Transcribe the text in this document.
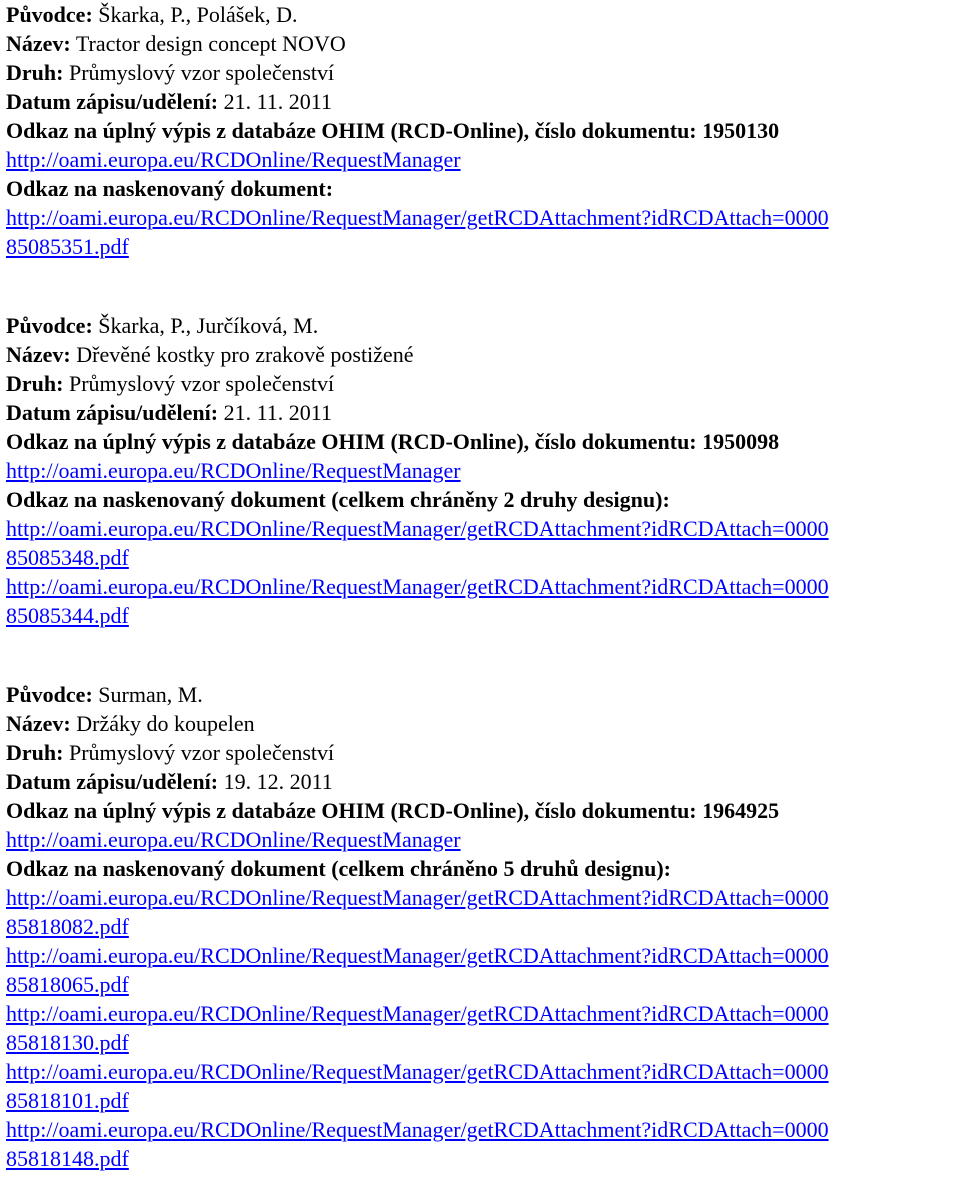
Původce: Škarka, P., Polášek, D.
Název: Tractor design concept NOVO
Druh: Průmyslový vzor společenství
Datum zápisu/udělení: 21. 11. 2011
Odkaz na úplný výpis z databáze OHIM (RCD-Online), číslo dokumentu: 1950130
http://oami.europa.eu/RCDOnline/RequestManager
Odkaz na naskenovaný dokument:
http://oami.europa.eu/RCDOnline/RequestManager/getRCDAttachment?idRCDAttach=0000
85085351.pdf
Původce: Škarka, P., Jurčíková, M.
Název: Dřevěné kostky pro zrakově postižené
Druh: Průmyslový vzor společenství
Datum zápisu/udělení: 21. 11. 2011
Odkaz na úplný výpis z databáze OHIM (RCD-Online), číslo dokumentu: 1950098
http://oami.europa.eu/RCDOnline/RequestManager
Odkaz na naskenovaný dokument (celkem chráněny 2 druhy designu):
http://oami.europa.eu/RCDOnline/RequestManager/getRCDAttachment?idRCDAttach=0000
85085348.pdf
http://oami.europa.eu/RCDOnline/RequestManager/getRCDAttachment?idRCDAttach=0000
85085344.pdf
Původce: Surman, M.
Název: Držáky do koupelen
Druh: Průmyslový vzor společenství
Datum zápisu/udělení: 19. 12. 2011
Odkaz na úplný výpis z databáze OHIM (RCD-Online), číslo dokumentu: 1964925
http://oami.europa.eu/RCDOnline/RequestManager
Odkaz na naskenovaný dokument (celkem chráněno 5 druhů designu):
http://oami.europa.eu/RCDOnline/RequestManager/getRCDAttachment?idRCDAttach=0000
85818082.pdf
http://oami.europa.eu/RCDOnline/RequestManager/getRCDAttachment?idRCDAttach=0000
85818065.pdf
http://oami.europa.eu/RCDOnline/RequestManager/getRCDAttachment?idRCDAttach=0000
85818130.pdf
http://oami.europa.eu/RCDOnline/RequestManager/getRCDAttachment?idRCDAttach=0000
85818101.pdf
http://oami.europa.eu/RCDOnline/RequestManager/getRCDAttachment?idRCDAttach=0000
85818148.pdf
